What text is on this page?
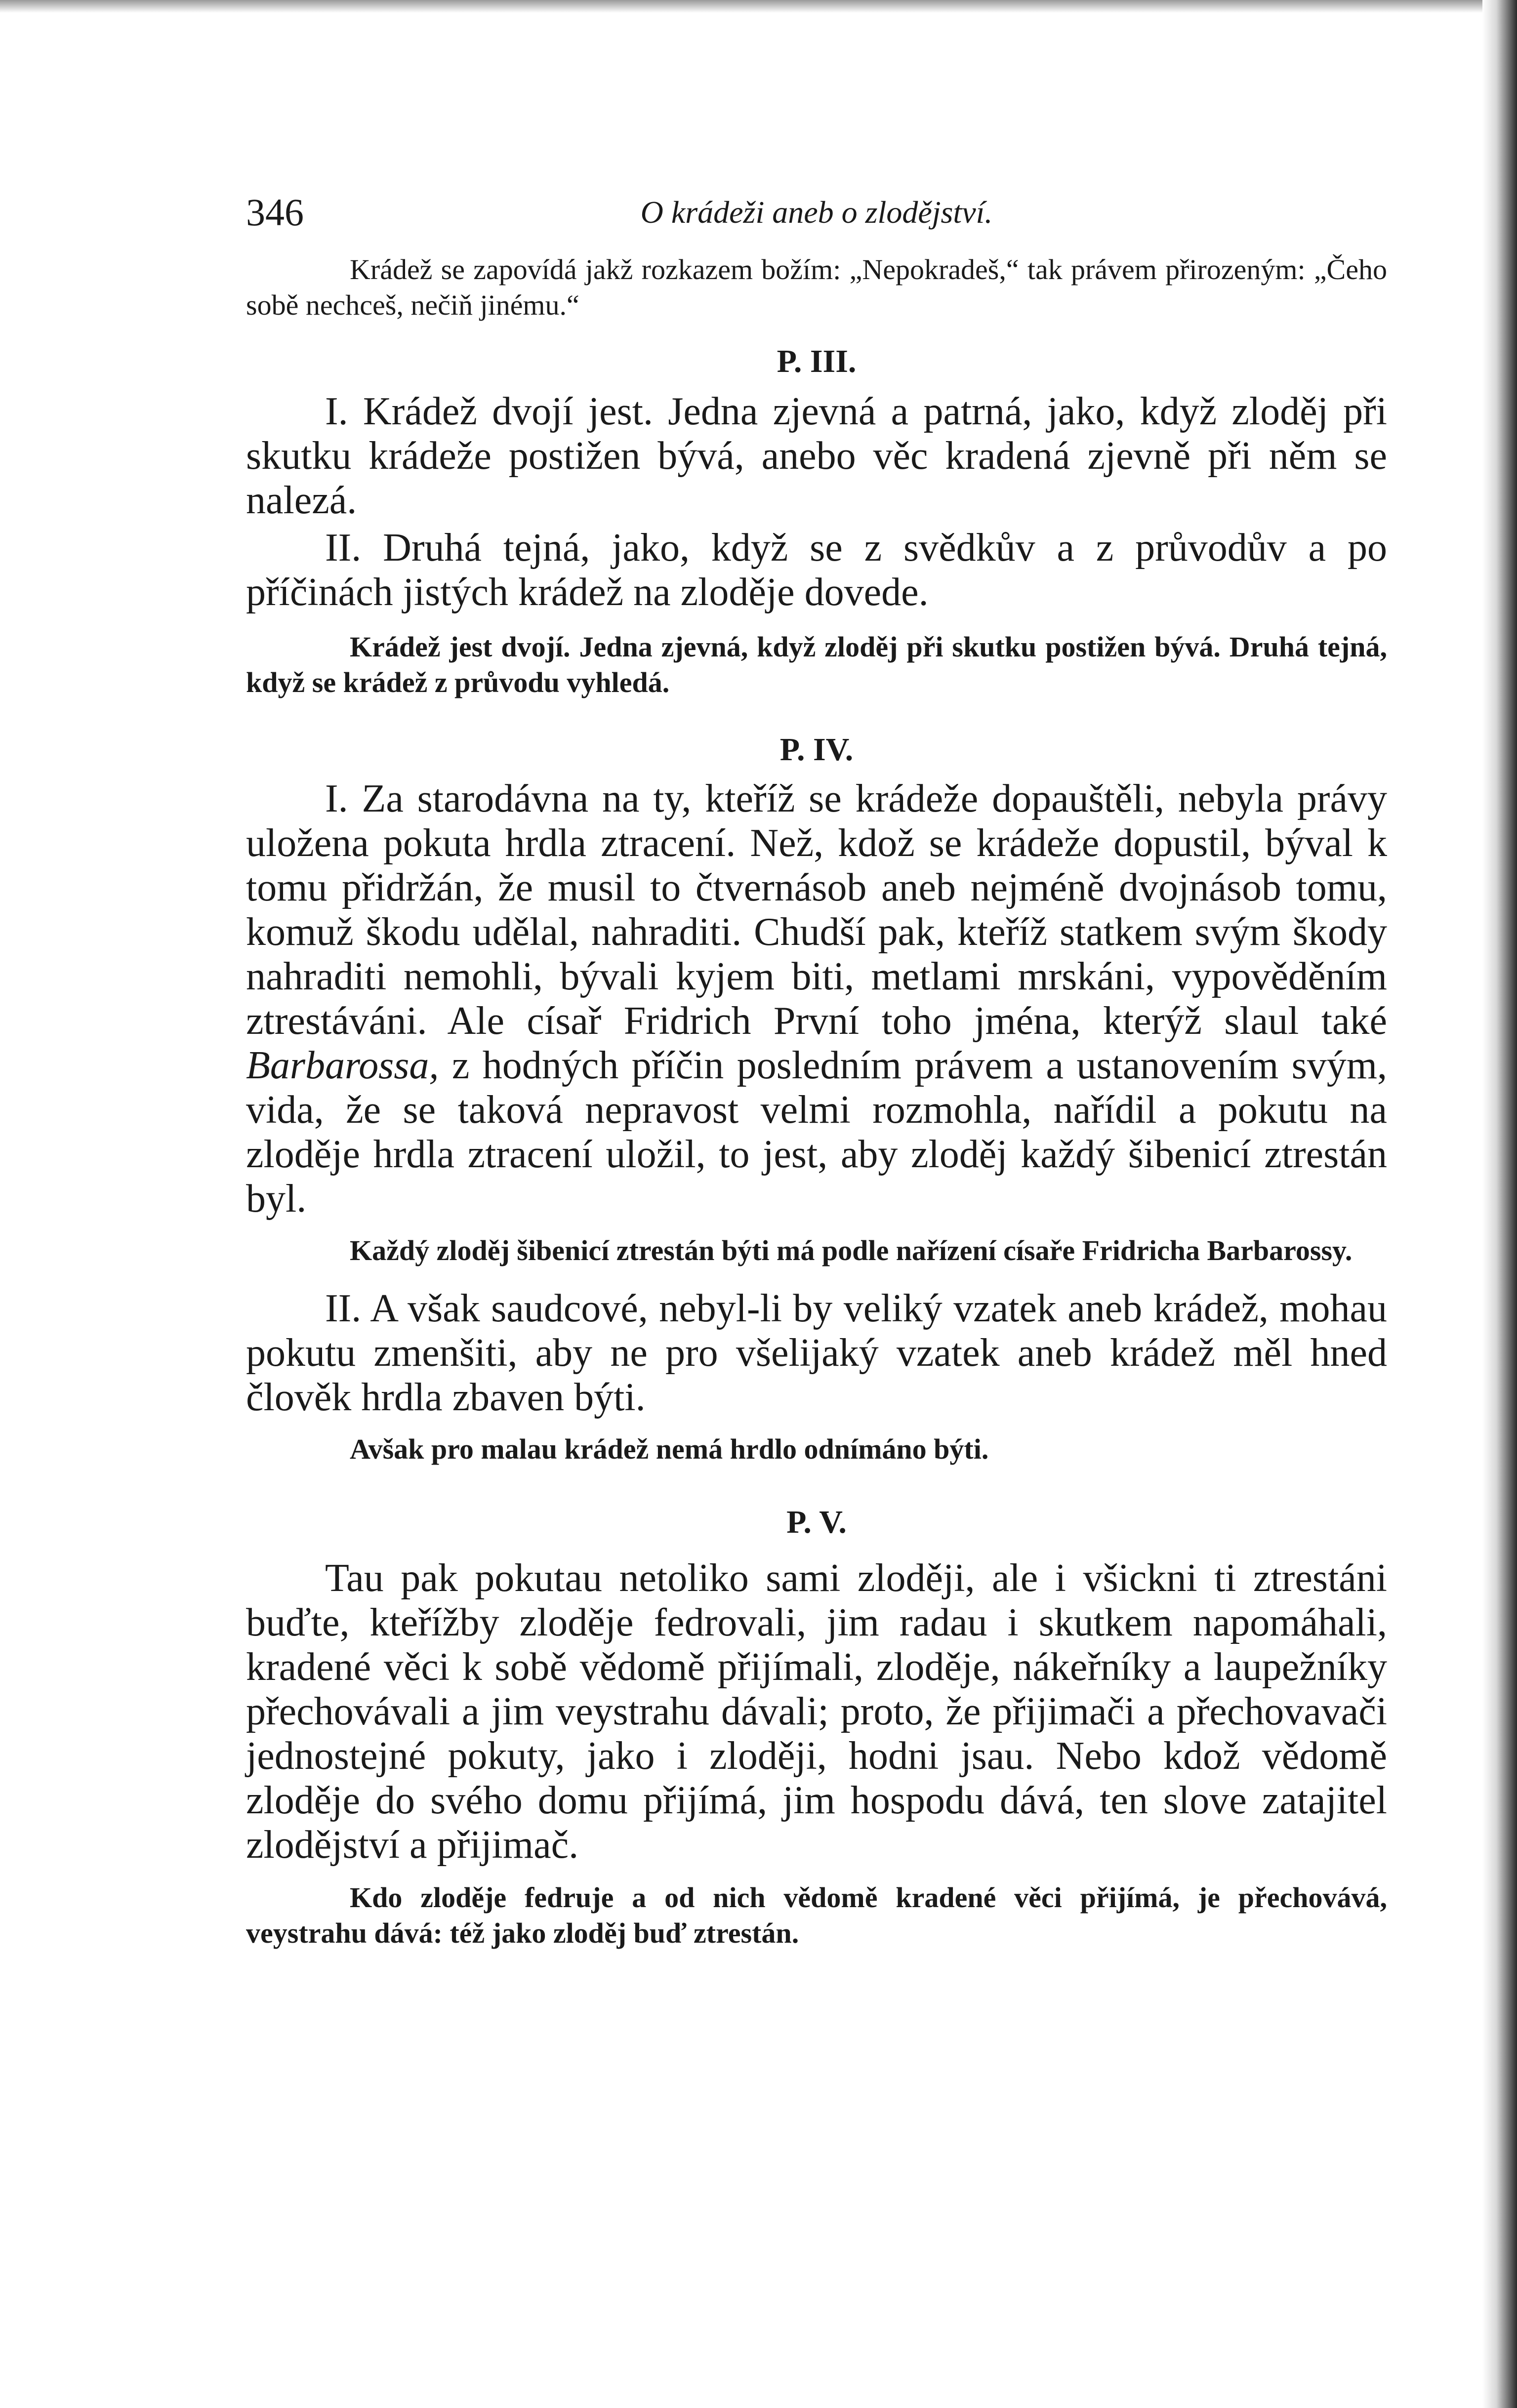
346	O krádeži aneb o zlodějství.

Krádež se zapovídá jakž rozkazem božím: „Nepokradeš,“ tak právem přirozeným: „Čeho sobě nechceš, nečiň jinému.“

P. III.

I. Krádež dvojí jest. Jedna zjevná a patrná, jako, když zloděj při skutku krádeže postižen bývá, anebo věc kradená zjevně při něm se nalezá.

II. Druhá tejná, jako, když se z svědkův a z průvodův a po příčinách jistých krádež na zloděje dovede.

Krádež jest dvojí. Jedna zjevná, když zloděj při skutku postižen bývá. Druhá tejná, když se krádež z průvodu vyhledá.

P. IV.

I. Za starodávna na ty, kteříž se krádeže dopauštěli, nebyla právy uložena pokuta hrdla ztracení. Než, kdož se krádeže dopustil, býval k tomu přidržán, že musil to čtvernásob aneb nejméně dvojnásob tomu, komuž škodu udělal, nahraditi. Chudší pak, kteříž statkem svým škody nahraditi nemohli, bývali kyjem biti, metlami mrskáni, vypověděním ztrestáváni. Ale císař Fridrich První toho jména, kterýž slaul také Barbarossa, z hodných příčin posledním právem a ustanovením svým, vida, že se taková nepravost velmi rozmohla, nařídil a pokutu na zloděje hrdla ztracení uložil, to jest, aby zloděj každý šibenicí ztrestán byl.

Každý zloděj šibenicí ztrestán býti má podle nařízení císaře Fridricha Barbarossy.

II. A však saudcové, nebyl-li by veliký vzatek aneb krádež, mohau pokutu zmenšiti, aby ne pro všelijaký vzatek aneb krádež měl hned člověk hrdla zbaven býti.

Avšak pro malau krádež nemá hrdlo odnímáno býti.

P. V.

Tau pak pokutau netoliko sami zloději, ale i všickni ti ztrestáni buďte, kteřížby zloděje fedrovali, jim radau i skutkem napomáhali, kradené věci k sobě vědomě přijímali, zloděje, nákeřníky a laupežníky přechovávali a jim veystrahu dávali; proto, že přijimači a přechovavači jednostejné pokuty, jako i zloději, hodni jsau. Nebo kdož vědomě zloděje do svého domu přijímá, jim hospodu dává, ten slove zatajitel zlodějství a přijimač.

Kdo zloděje fedruje a od nich vědomě kradené věci přijímá, je přechovává, veystrahu dává: též jako zloděj buď ztrestán.
